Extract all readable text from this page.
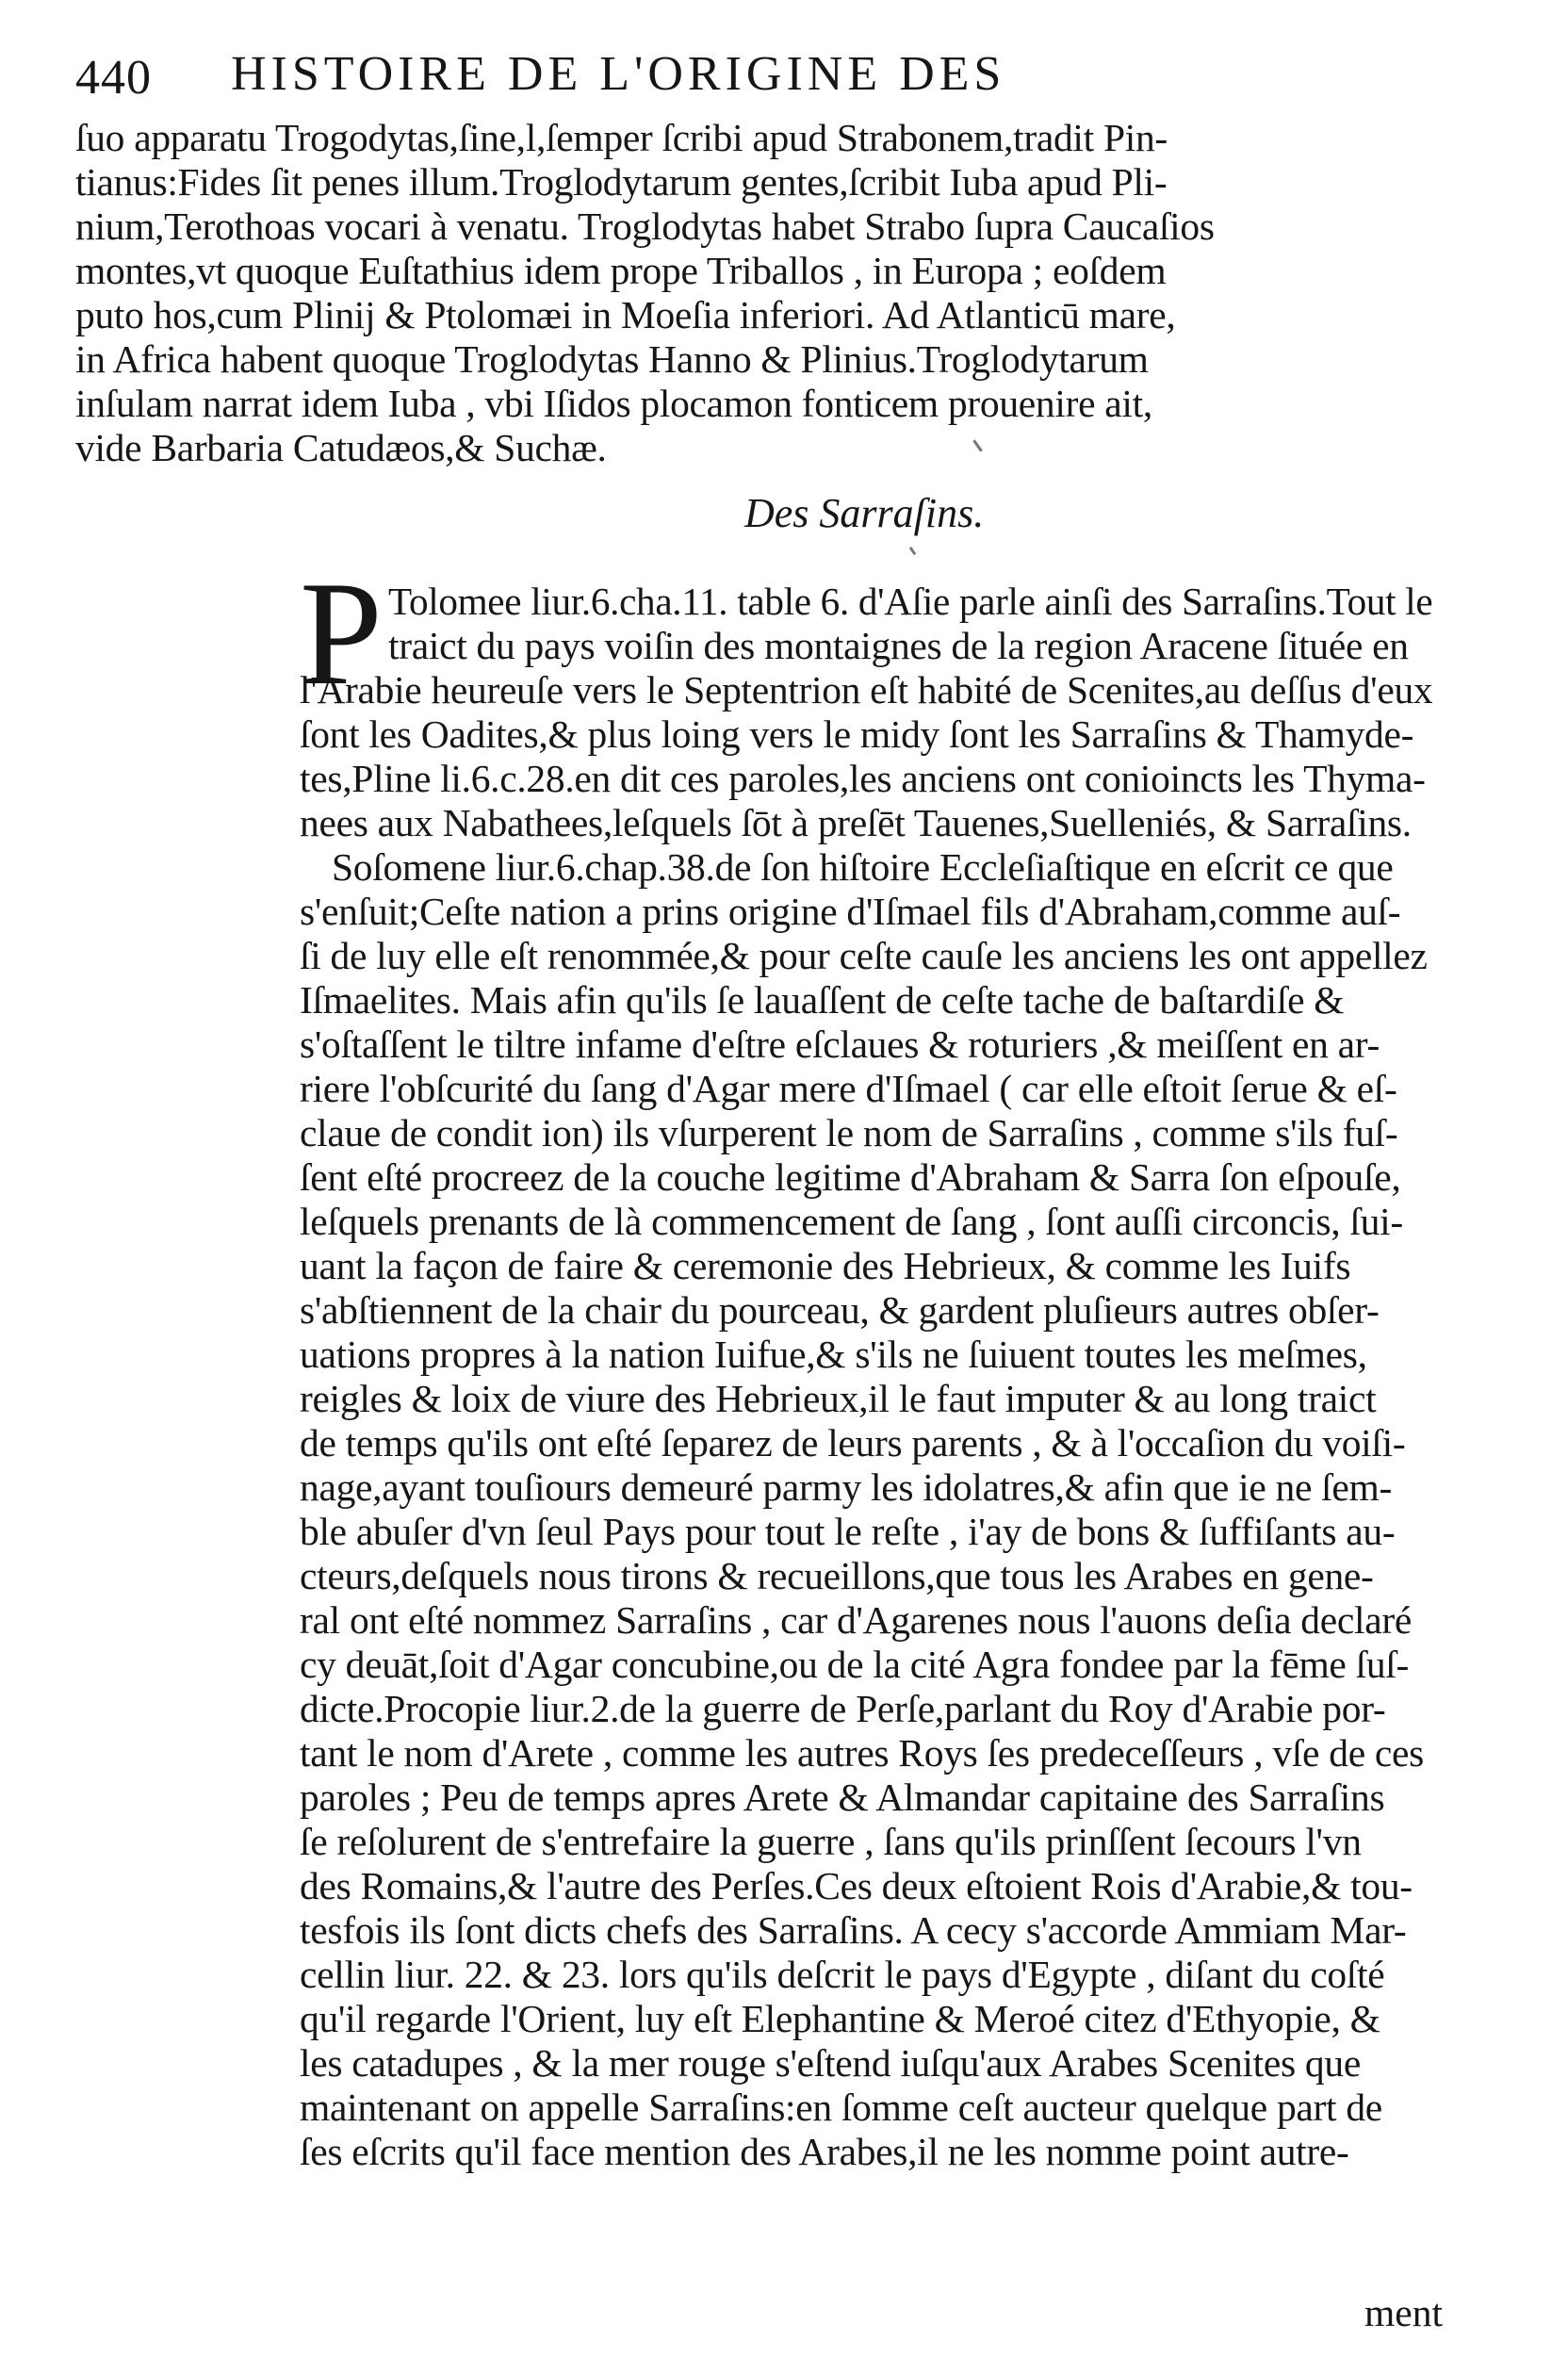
440 HISTOIRE DE L'ORIGINE DES
ſuo apparatu Trogodytas,ſine,l,ſemper ſcribi apud Strabonem,tradit Pin-
tianus:Fides ſit penes illum.Troglodytarum gentes,ſcribit Iuba apud Pli-
nium,Terothoas vocari à venatu. Troglodytas habet Strabo ſupra Caucaſios
montes,vt quoque Euſtathius idem prope Triballos , in Europa ; eoſdem
puto hos,cum Plinij & Ptolomæi in Moeſia inferiori. Ad Atlanticū mare,
in Africa habent quoque Troglodytas Hanno & Plinius.Troglodytarum
inſulam narrat idem Iuba , vbi Iſidos plocamon fonticem prouenire ait,
vide Barbaria Catudæos,& Suchæ.
Des Sarraſins.
P Tolomee liur.6.cha.11. table 6. d'Aſie parle ainſi des Sarraſins.Tout le
traict du pays voiſin des montaignes de la region Aracene ſituée en
l'Arabie heureuſe vers le Septentrion eſt habité de Scenites,au deſſus d'eux
ſont les Oadites,& plus loing vers le midy ſont les Sarraſins & Thamyde-
tes,Pline li.6.c.28.en dit ces paroles,les anciens ont conioincts les Thyma-
nees aux Nabathees,leſquels ſōt à preſēt Tauenes,Suelleniés, & Sarraſins.
Soſomene liur.6.chap.38.de ſon hiſtoire Eccleſiaſtique en eſcrit ce que
s'enſuit;Ceſte nation a prins origine d'Iſmael fils d'Abraham,comme auſ-
ſi de luy elle eſt renommée,& pour ceſte cauſe les anciens les ont appellez
Iſmaelites. Mais afin qu'ils ſe lauaſſent de ceſte tache de baſtardiſe &
s'oſtaſſent le tiltre infame d'eſtre eſclaues & roturiers ,& meiſſent en ar-
riere l'obſcurité du ſang d'Agar mere d'Iſmael ( car elle eſtoit ſerue & eſ-
claue de condit ion) ils vſurperent le nom de Sarraſins , comme s'ils fuſ-
ſent eſté procreez de la couche legitime d'Abraham & Sarra ſon eſpouſe,
leſquels prenants de là commencement de ſang , ſont auſſi circoncis, ſui-
uant la façon de faire & ceremonie des Hebrieux, & comme les Iuifs
s'abſtiennent de la chair du pourceau, & gardent pluſieurs autres obſer-
uations propres à la nation Iuifue,& s'ils ne ſuiuent toutes les meſmes,
reigles & loix de viure des Hebrieux,il le faut imputer & au long traict
de temps qu'ils ont eſté ſeparez de leurs parents , & à l'occaſion du voiſi-
nage,ayant touſiours demeuré parmy les idolatres,& afin que ie ne ſem-
ble abuſer d'vn ſeul Pays pour tout le reſte , i'ay de bons & ſuffiſants au-
cteurs,deſquels nous tirons & recueillons,que tous les Arabes en gene-
ral ont eſté nommez Sarraſins , car d'Agarenes nous l'auons deſia declaré
cy deuāt,ſoit d'Agar concubine,ou de la cité Agra fondee par la fēme ſuſ-
dicte.Procopie liur.2.de la guerre de Perſe,parlant du Roy d'Arabie por-
tant le nom d'Arete , comme les autres Roys ſes predeceſſeurs , vſe de ces
paroles ; Peu de temps apres Arete & Almandar capitaine des Sarraſins
ſe reſolurent de s'entrefaire la guerre , ſans qu'ils prinſſent ſecours l'vn
des Romains,& l'autre des Perſes.Ces deux eſtoient Rois d'Arabie,& tou-
tesfois ils ſont dicts chefs des Sarraſins. A cecy s'accorde Ammiam Mar-
cellin liur. 22. & 23. lors qu'ils deſcrit le pays d'Egypte , diſant du coſté
qu'il regarde l'Orient, luy eſt Elephantine & Meroé citez d'Ethyopie, &
les catadupes , & la mer rouge s'eſtend iuſqu'aux Arabes Scenites que
maintenant on appelle Sarraſins:en ſomme ceſt aucteur quelque part de
ſes eſcrits qu'il face mention des Arabes,il ne les nomme point autre-
ment
